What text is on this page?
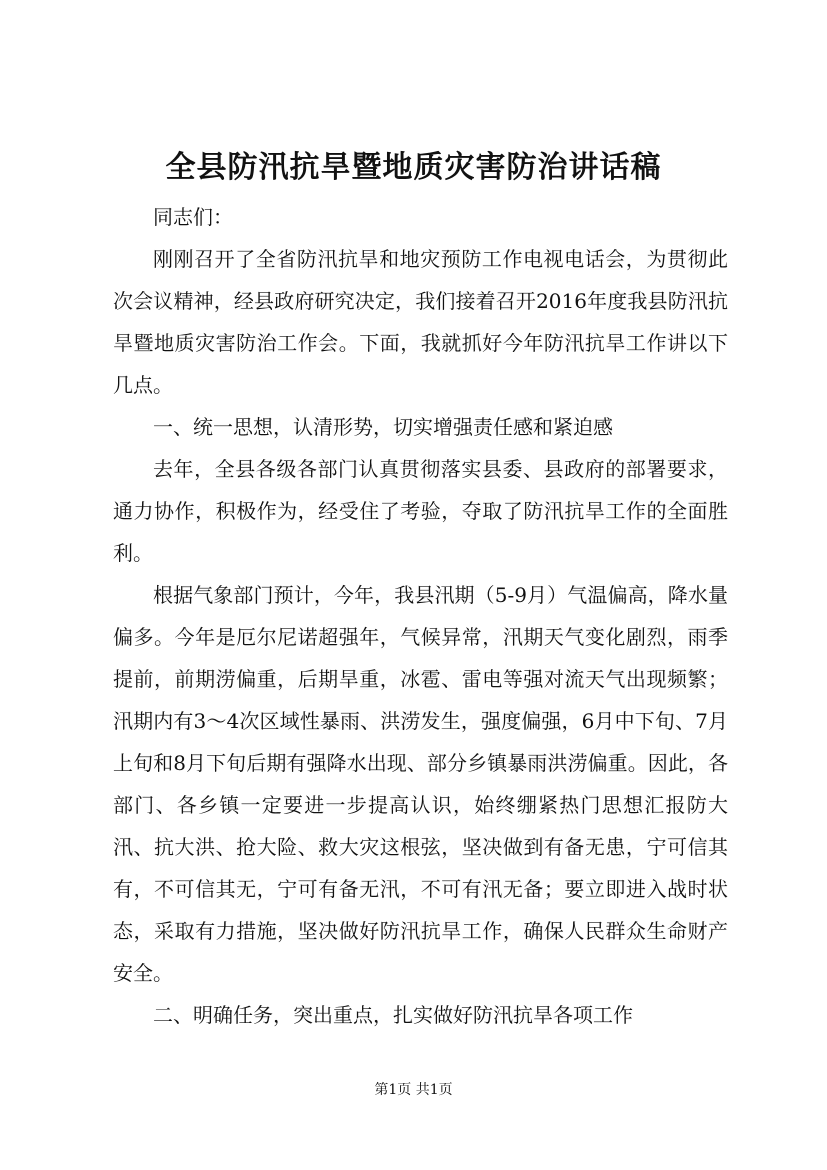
全县防汛抗旱暨地质灾害防治讲话稿

同志们：

刚刚召开了全省防汛抗旱和地灾预防工作电视电话会，为贯彻此次会议精神，经县政府研究决定，我们接着召开2016年度我县防汛抗旱暨地质灾害防治工作会。下面，我就抓好今年防汛抗旱工作讲以下几点。

一、统一思想，认清形势，切实增强责任感和紧迫感

去年，全县各级各部门认真贯彻落实县委、县政府的部署要求，通力协作，积极作为，经受住了考验，夺取了防汛抗旱工作的全面胜利。

根据气象部门预计，今年，我县汛期（5-9月）气温偏高，降水量偏多。今年是厄尔尼诺超强年，气候异常，汛期天气变化剧烈，雨季提前，前期涝偏重，后期旱重，冰雹、雷电等强对流天气出现频繁；汛期内有3～4次区域性暴雨、洪涝发生，强度偏强，6月中下旬、7月上旬和8月下旬后期有强降水出现、部分乡镇暴雨洪涝偏重。因此，各部门、各乡镇一定要进一步提高认识，始终绷紧热门思想汇报防大汛、抗大洪、抢大险、救大灾这根弦，坚决做到有备无患，宁可信其有，不可信其无，宁可有备无汛，不可有汛无备；要立即进入战时状态，采取有力措施，坚决做好防汛抗旱工作，确保人民群众生命财产安全。

二、明确任务，突出重点，扎实做好防汛抗旱各项工作

第1页 共1页
